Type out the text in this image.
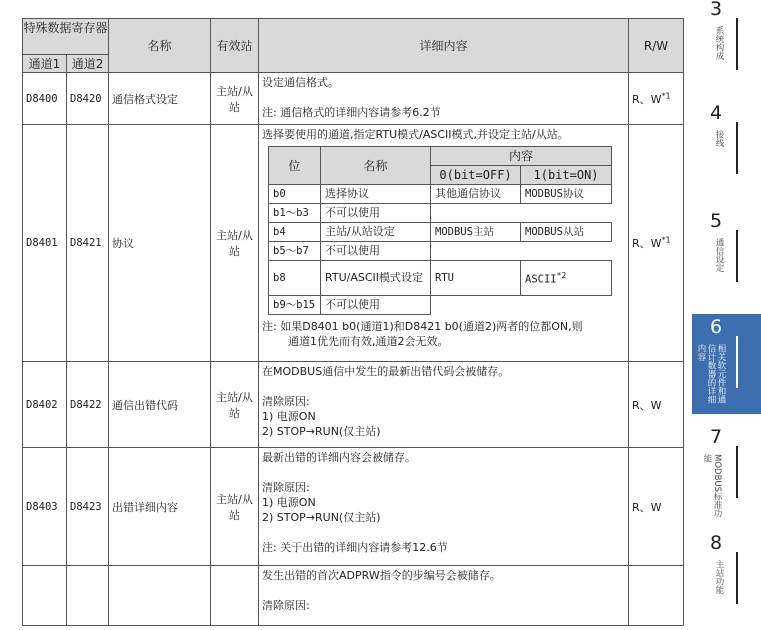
特殊数据寄存器	名称	有效站	详细内容	R/W
通道1	通道2
D8400	D8420	通信格式设定	主站/从站	
设定通信格式。
注: 通信格式的详细内容请参考6.2节
	R、$W^{*1}$
D8401	D8421	协议	主站/从站	
选择要使用的通道,指定RTU模式/ASCII模式,并设定主站/从站。
位	名称	内容
0(bit=OFF)	1(bit=ON)
b0	选择协议	其他通信协议	MODBUS协议
b1～b3	不可以使用	
b4	主站/从站设定	MODBUS主站	MODBUS从站
b5～b7	不可以使用	
b8	RTU/ASCII模式设定	RTU	ASCII$^{*2}$
b9～b15	不可以使用	
注: 如果D8401 b0(通道1)和D8421 b0(通道2)两者的位都ON,则
通道1优先而有效,通道2会无效。
	R、$W^{*1}$
D8402	D8422	通信出错代码	主站/从站	
在MODBUS通信中发生的最新出错代码会被储存。
清除原因:
1) 电源ON
2) STOP→RUN(仅主站)
	R、W
D8403	D8423	出错详细内容	主站/从站	
最新出错的详细内容会被储存。
清除原因:
1) 电源ON
2) STOP→RUN(仅主站)
注: 关于出错的详细内容请参考12.6节
	R、W

发生出错的首次ADPRW指令的步编号会被储存。
清除原因:

3
系统构成
4
接线
5
通信设定
6
相关软元件和通信计数器的详细内容
7
MODBUS标准功能
8
主站功能
